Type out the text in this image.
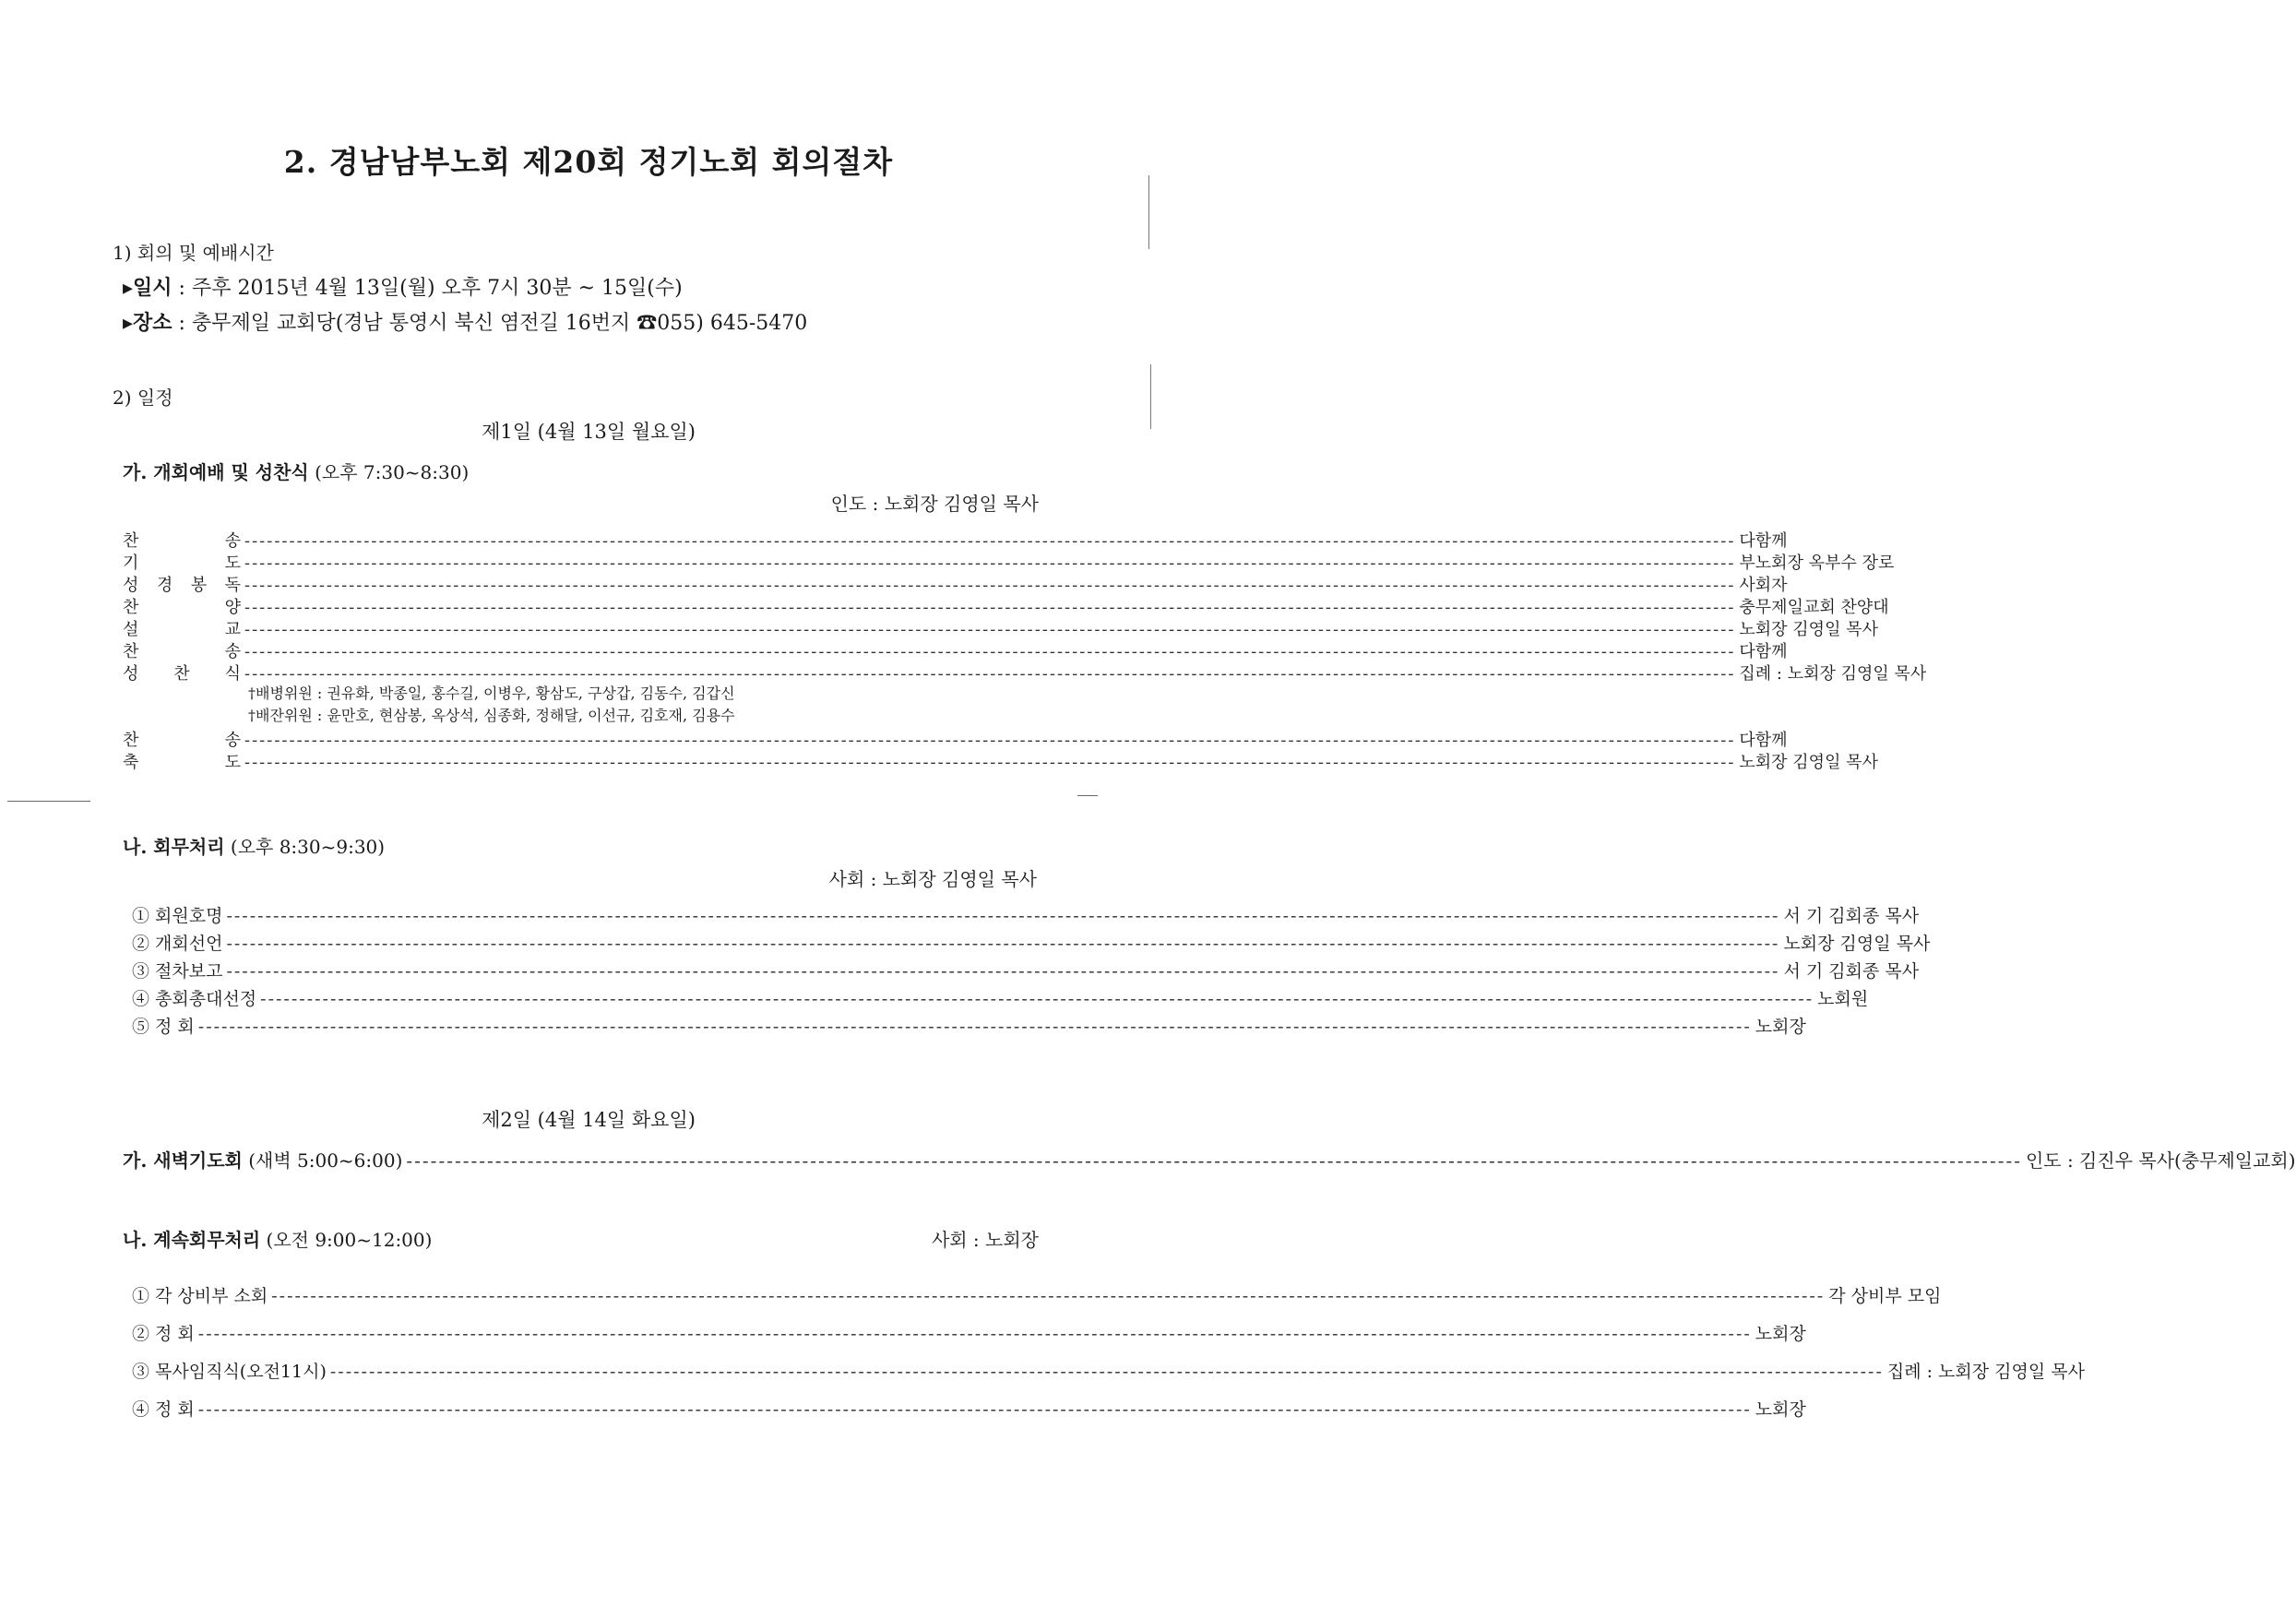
2. 경남남부노회 제20회 정기노회 회의절차
1) 회의 및 예배시간
▸일시 : 주후 2015년 4월 13일(월) 오후 7시 30분 ~ 15일(수)
▸장소 : 충무제일 교회당(경남 통영시 북신 염전길 16번지 ☎055) 645-5470
2) 일정
제1일 (4월 13일 월요일)
가. 개회예배 및 성찬식 (오후 7:30~8:30)
인도 : 노회장 김영일 목사
찬	송 -------------------------------------------------------------------------------------------------------------------------------------------------------------------------------------------------------- 다함께
기	도 -------------------------------------------------------------------------------------------------------------------------------------------------------------------------------------------------------- 부노회장 옥부수 장로
성 경 봉 독 -------------------------------------------------------------------------------------------------------------------------------------------------------------------------------------------------------- 사회자
찬	양 -------------------------------------------------------------------------------------------------------------------------------------------------------------------------------------------------------- 충무제일교회 찬양대
설	교 -------------------------------------------------------------------------------------------------------------------------------------------------------------------------------------------------------- 노회장 김영일 목사
찬	송 -------------------------------------------------------------------------------------------------------------------------------------------------------------------------------------------------------- 다함께
성 찬 식 -------------------------------------------------------------------------------------------------------------------------------------------------------------------------------------------------------- 집례 : 노회장 김영일 목사
†배병위원 : 권유화, 박종일, 홍수길, 이병우, 황삼도, 구상갑, 김동수, 김갑신
†배잔위원 : 윤만호, 현삼봉, 옥상석, 심종화, 정해달, 이선규, 김호재, 김용수
찬	송 -------------------------------------------------------------------------------------------------------------------------------------------------------------------------------------------------------- 다함께
축	도 -------------------------------------------------------------------------------------------------------------------------------------------------------------------------------------------------------- 노회장 김영일 목사
나. 회무처리 (오후 8:30~9:30)
사회 : 노회장 김영일 목사
① 회원호명 -------------------------------------------------------------------------------------------------------------------------------------------------------------------------------------------------------- 서 기 김회종 목사
② 개회선언 -------------------------------------------------------------------------------------------------------------------------------------------------------------------------------------------------------- 노회장 김영일 목사
③ 절차보고 -------------------------------------------------------------------------------------------------------------------------------------------------------------------------------------------------------- 서 기 김회종 목사
④ 총회총대선정 -------------------------------------------------------------------------------------------------------------------------------------------------------------------------------------------------------- 노회원
⑤ 정 회 -------------------------------------------------------------------------------------------------------------------------------------------------------------------------------------------------------- 노회장
제2일 (4월 14일 화요일)
가. 새벽기도회 (새벽 5:00~6:00) -------------------------------------------------------------------------------------------------------------------------------------------------------------------------------------------------------- 인도 : 김진우 목사(충무제일교회)
나. 계속회무처리 (오전 9:00~12:00)	사회 : 노회장
① 각 상비부 소회 -------------------------------------------------------------------------------------------------------------------------------------------------------------------------------------------------------- 각 상비부 모임
② 정 회 -------------------------------------------------------------------------------------------------------------------------------------------------------------------------------------------------------- 노회장
③ 목사임직식(오전11시) -------------------------------------------------------------------------------------------------------------------------------------------------------------------------------------------------------- 집례 : 노회장 김영일 목사
④ 정 회 -------------------------------------------------------------------------------------------------------------------------------------------------------------------------------------------------------- 노회장
